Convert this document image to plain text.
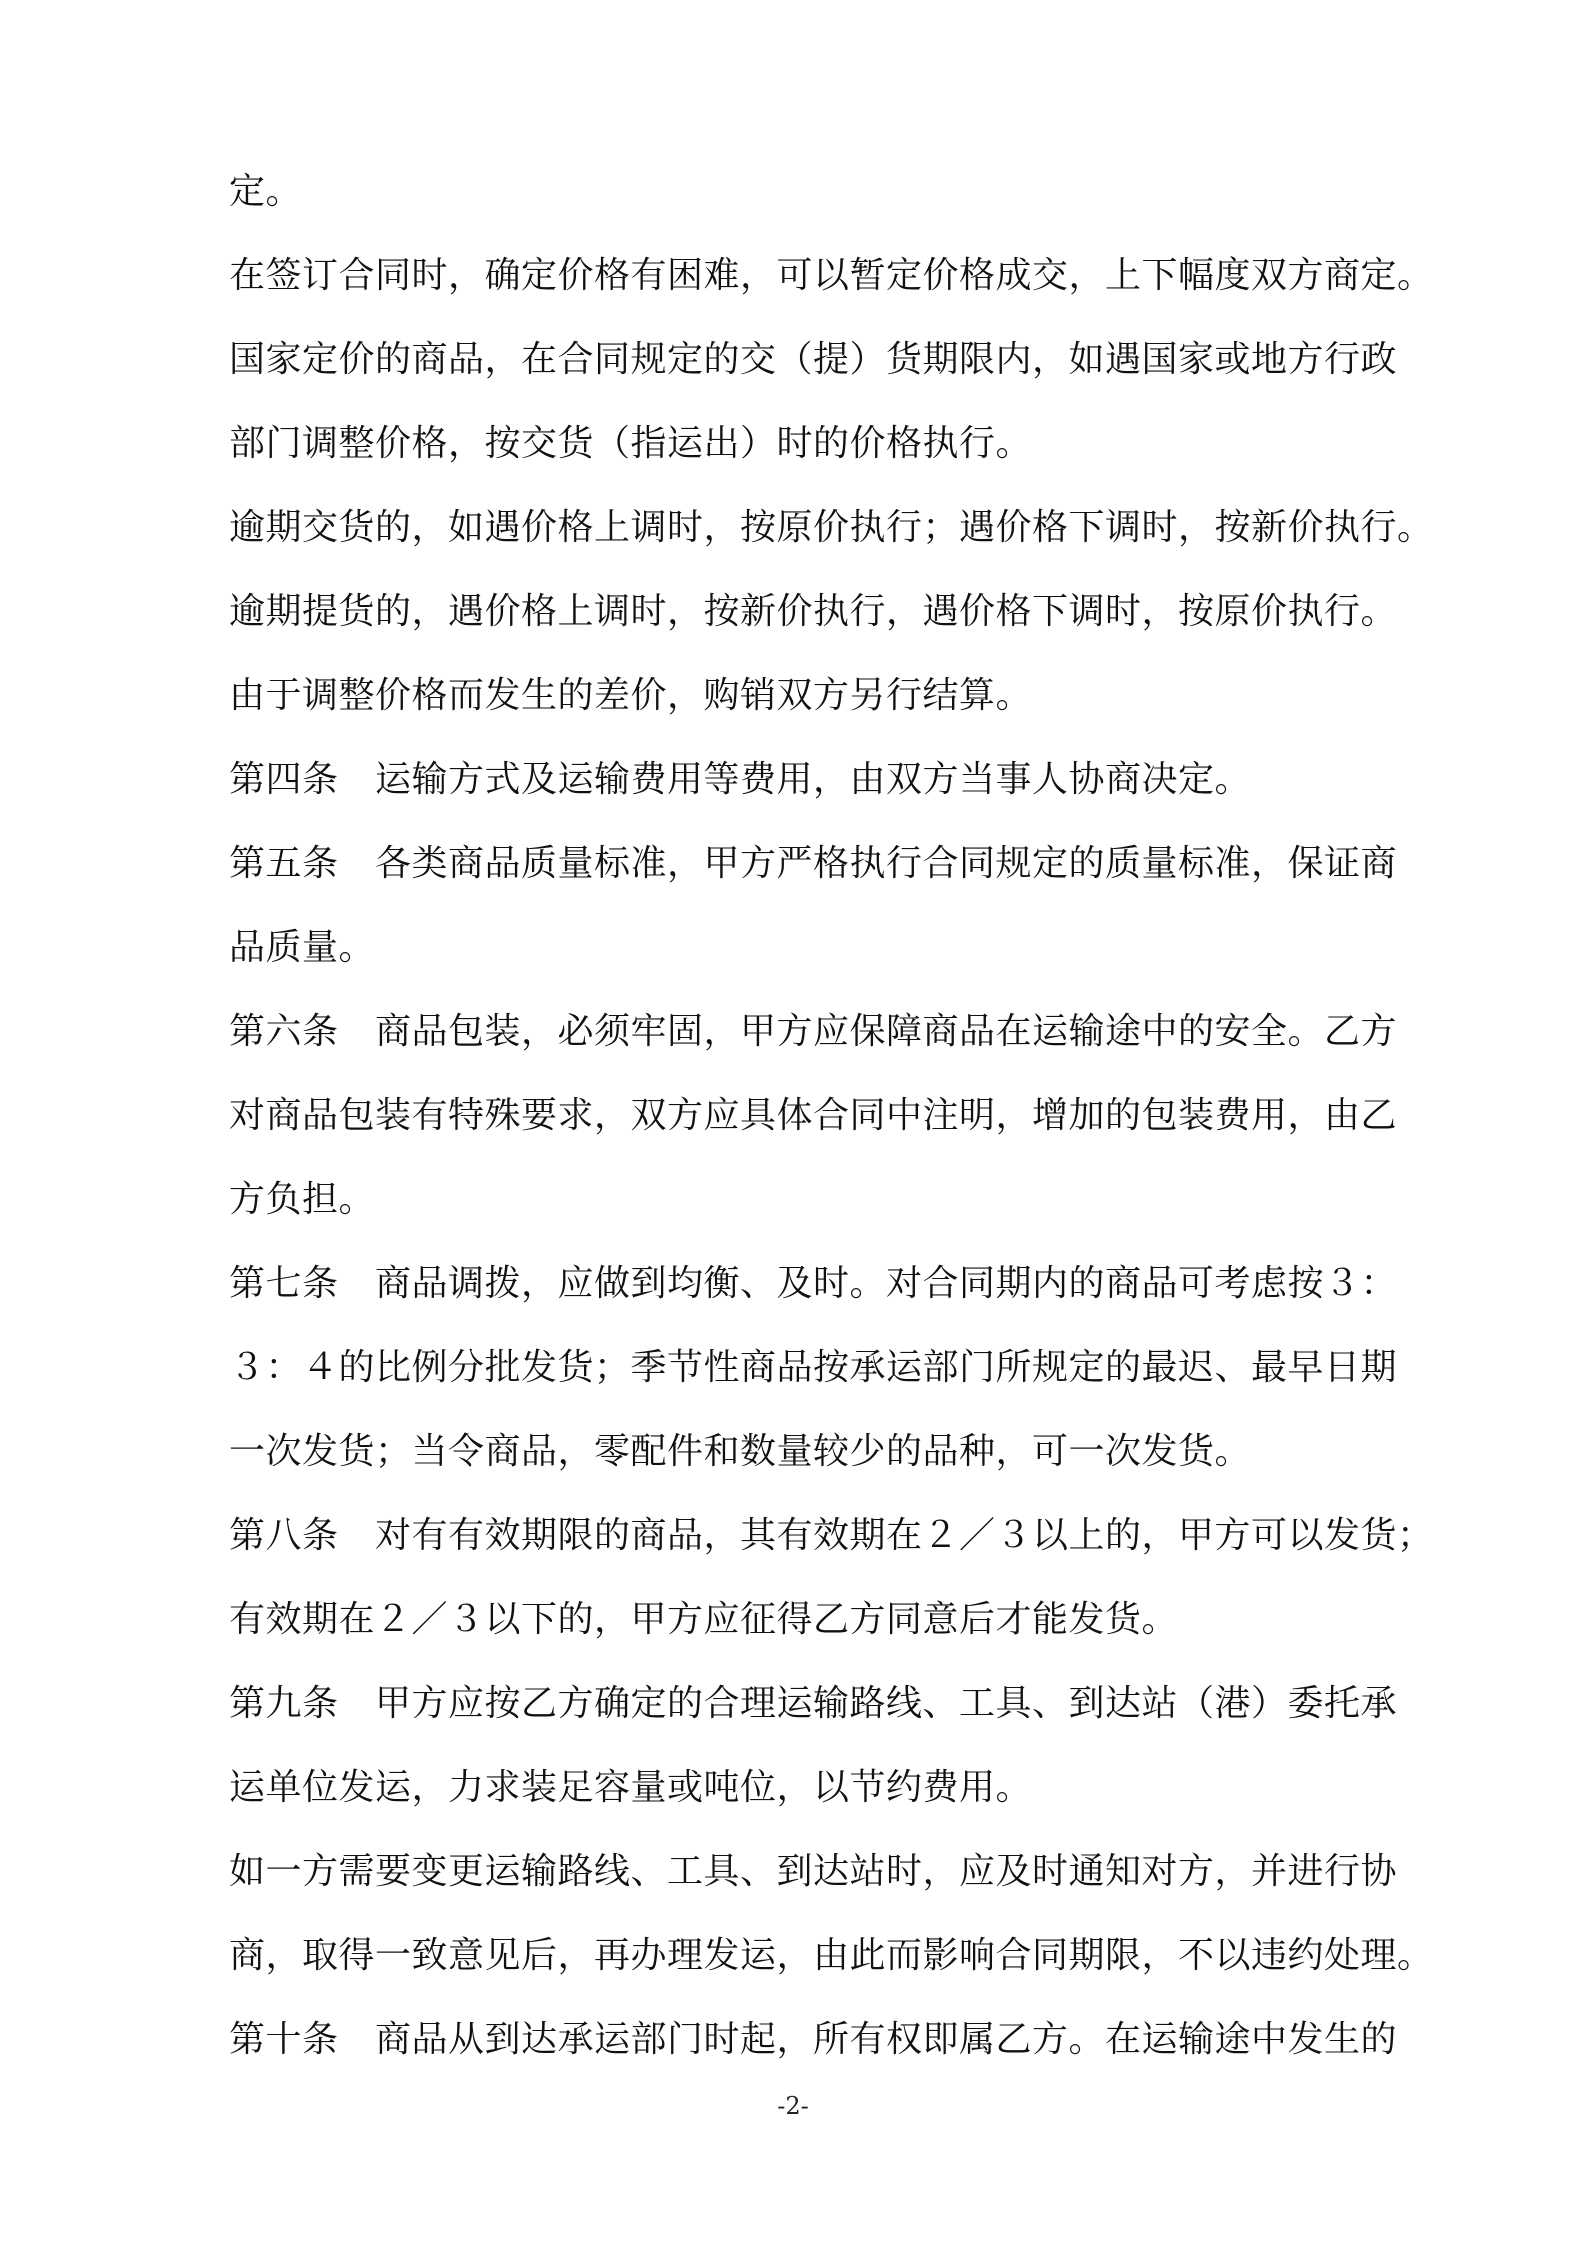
定。
在签订合同时，确定价格有困难，可以暂定价格成交，上下幅度双方商定。
国家定价的商品，在合同规定的交（提）货期限内，如遇国家或地方行政
部门调整价格，按交货（指运出）时的价格执行。
逾期交货的，如遇价格上调时，按原价执行；遇价格下调时，按新价执行。
逾期提货的，遇价格上调时，按新价执行，遇价格下调时，按原价执行。
由于调整价格而发生的差价，购销双方另行结算。
第四条　运输方式及运输费用等费用，由双方当事人协商决定。
第五条　各类商品质量标准，甲方严格执行合同规定的质量标准，保证商
品质量。
第六条　商品包装，必须牢固，甲方应保障商品在运输途中的安全。乙方
对商品包装有特殊要求，双方应具体合同中注明，增加的包装费用，由乙
方负担。
第七条　商品调拨，应做到均衡、及时。对合同期内的商品可考虑按３：
３：４的比例分批发货；季节性商品按承运部门所规定的最迟、最早日期
一次发货；当令商品，零配件和数量较少的品种，可一次发货。
第八条　对有有效期限的商品，其有效期在２／３以上的，甲方可以发货；
有效期在２／３以下的，甲方应征得乙方同意后才能发货。
第九条　甲方应按乙方确定的合理运输路线、工具、到达站（港）委托承
运单位发运，力求装足容量或吨位，以节约费用。
如一方需要变更运输路线、工具、到达站时，应及时通知对方，并进行协
商，取得一致意见后，再办理发运，由此而影响合同期限，不以违约处理。
第十条　商品从到达承运部门时起，所有权即属乙方。在运输途中发生的
-2-
